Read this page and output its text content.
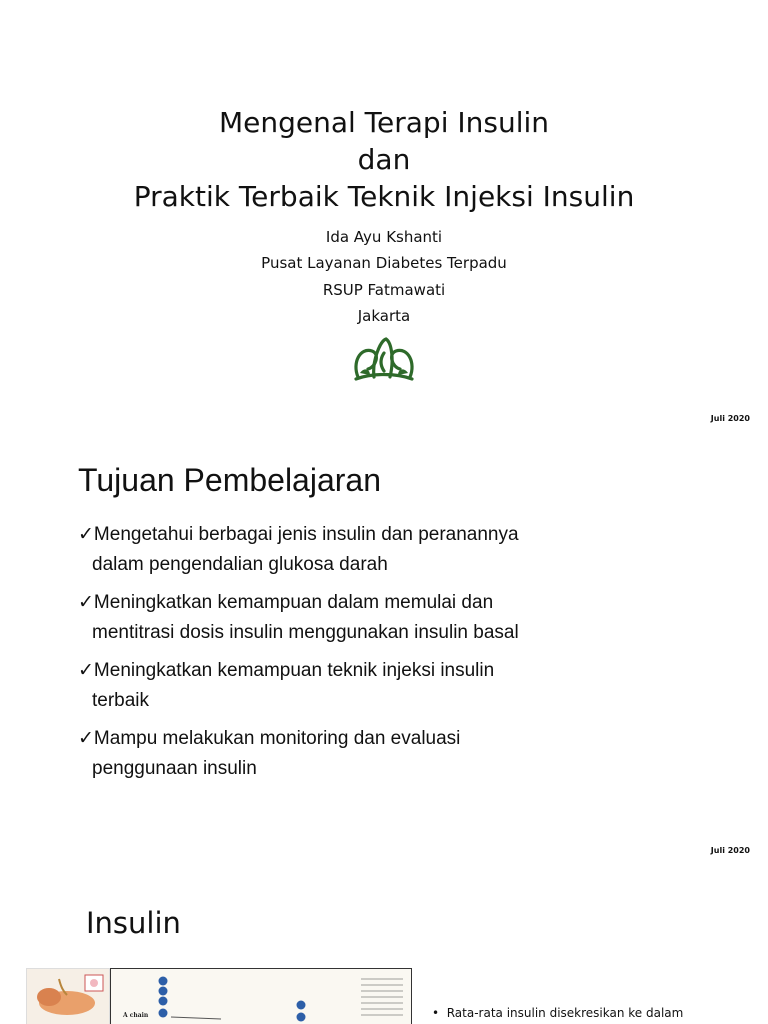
Mengenal Terapi Insulin
dan
Praktik Terbaik Teknik Injeksi Insulin
Ida Ayu Kshanti
Pusat Layanan Diabetes Terpadu
RSUP Fatmawati
Jakarta
Juli 2020
Tujuan Pembelajaran
✓Mengetahui berbagai jenis insulin dan peranannya
dalam pengendalian glukosa darah
✓Meningkatkan kemampuan dalam memulai dan
mentitrasi dosis insulin menggunakan insulin basal
✓Meningkatkan kemampuan teknik injeksi insulin
terbaik
✓Mampu melakukan monitoring dan evaluasi
penggunaan insulin
Juli 2020
Insulin
A chain	•  Rata-rata insulin disekresikan ke dalam
